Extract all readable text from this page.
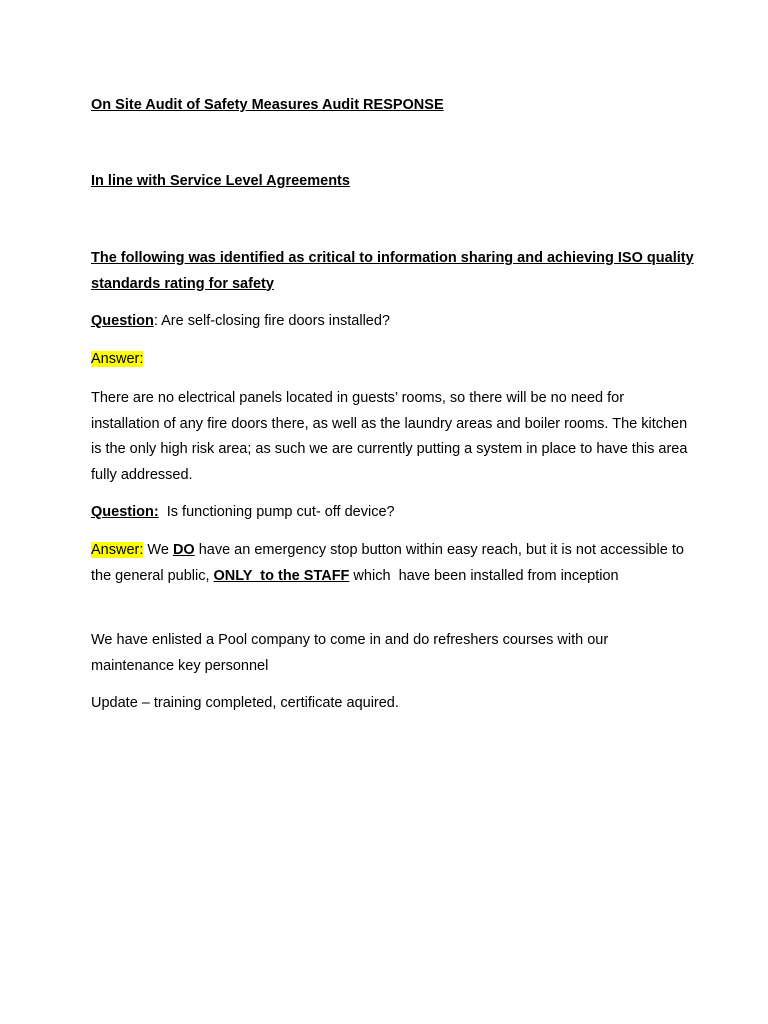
On Site Audit of Safety Measures Audit RESPONSE

In line with Service Level Agreements

The following was identified as critical to information sharing and achieving ISO quality standards rating for safety

Question: Are self-closing fire doors installed?

Answer:

There are no electrical panels located in guests’ rooms, so there will be no need for installation of any fire doors there, as well as the laundry areas and boiler rooms. The kitchen is the only high risk area; as such we are currently putting a system in place to have this area fully addressed.

Question:  Is functioning pump cut- off device?

Answer: We DO have an emergency stop button within easy reach, but it is not accessible to the general public, ONLY  to the STAFF which  have been installed from inception

We have enlisted a Pool company to come in and do refreshers courses with our maintenance key personnel

Update – training completed, certificate aquired.
